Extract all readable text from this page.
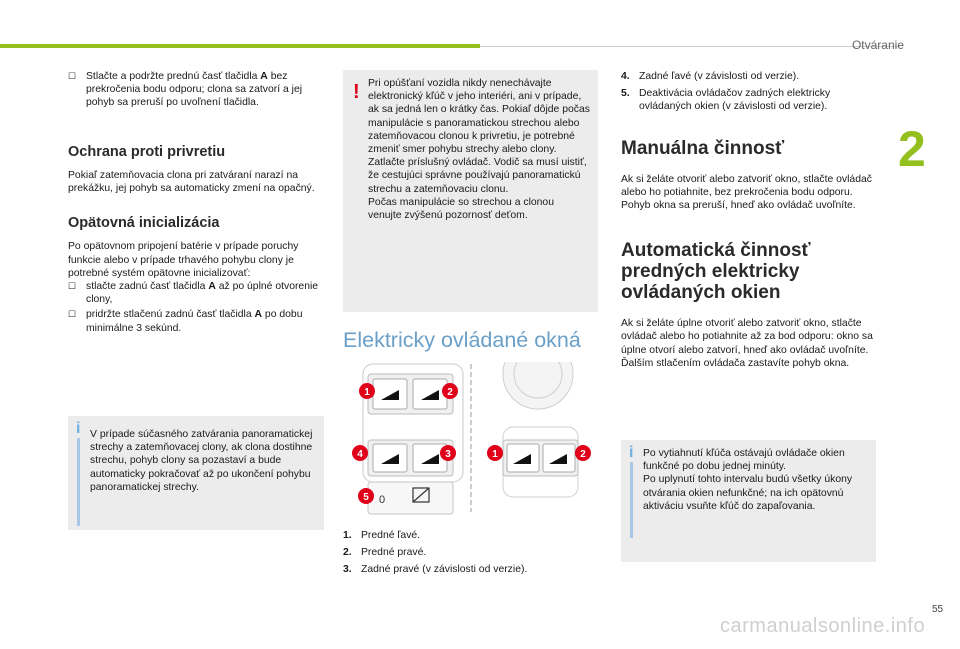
Otváranie
2
☐ Stlačte a podržte prednú časť tlačidla A bez prekročenia bodu odporu; clona sa zatvorí a jej pohyb sa preruší po uvoľnení tlačidla.
Ochrana proti privretiu

Pokiaľ zatemňovacia clona pri zatváraní narazí na prekážku, jej pohyb sa automaticky zmení na opačný.

Opätovná inicializácia

Po opätovnom pripojení batérie v prípade poruchy funkcie alebo v prípade trhavého pohybu clony je potrebné systém opätovne inicializovať:

☐ stlačte zadnú časť tlačidla A až po úplné otvorenie clony,
☐ pridržte stlačenú zadnú časť tlačidla A po dobu minimálne 3 sekúnd.
i V prípade súčasného zatvárania panoramatickej strechy a zatemňovacej clony, ak clona dostihne strechu, pohyb clony sa pozastaví a bude automaticky pokračovať až po ukončení pohybu panoramatickej strechy.

! Pri opúšťaní vozidla nikdy nenechávajte elektronický kľúč v jeho interiéri, ani v prípade, ak sa jedná len o krátky čas. Pokiaľ dôjde počas manipulácie s panoramatickou strechou alebo zatemňovacou clonou k privretiu, je potrebné zmeniť smer pohybu strechy alebo clony. Zatlačte príslušný ovládač. Vodič sa musí uistiť, že cestujúci správne používajú panoramatickú strechu a zatemňovaciu clonu.
Počas manipulácie so strechou a clonou venujte zvýšenú pozornosť deťom.

Elektricky ovládané okná
0
1	2
4	3
5
1	2
1. Predné ľavé.
2. Predné pravé.
3. Zadné pravé (v závislosti od verzie).
4. Zadné ľavé (v závislosti od verzie).
5. Deaktivácia ovládačov zadných elektricky ovládaných okien (v závislosti od verzie).
Manuálna činnosť

Ak si želáte otvoriť alebo zatvoriť okno, stlačte ovládač alebo ho potiahnite, bez prekročenia bodu odporu. Pohyb okna sa preruší, hneď ako ovládač uvoľníte.

Automatická činnosť predných elektricky ovládaných okien

Ak si želáte úplne otvoriť alebo zatvoriť okno, stlačte ovládač alebo ho potiahnite až za bod odporu: okno sa úplne otvorí alebo zatvorí, hneď ako ovládač uvoľníte. Ďalším stlačením ovládača zastavíte pohyb okna.

i Po vytiahnutí kľúča ostávajú ovládače okien funkčné po dobu jednej minúty.
Po uplynutí tohto intervalu budú všetky úkony otvárania okien nefunkčné; na ich opätovnú aktiváciu vsuňte kľúč do zapaľovania.

55
carmanualsonline.info
